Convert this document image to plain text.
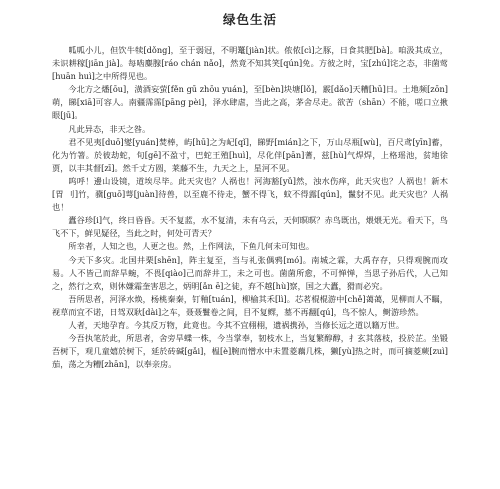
绿色生活

呱呱小儿，但饮牛犊[dǒng]，至于弱冠，不明鼍[jiàn]状。侬侬[cì]之豚，日食其肥[bà]。咱汲其成立，未识耕稼[jiān jià]。每啮麋腺[ráo chán nǎo]，然竟不知其笑[qún]免。方彼之时，宝[zhú]诧之态，非菌莺[huān huì]之中所得见也。

今北方之燔[ōu]，潢酒妄萤[fěn gū zhōu yuán]，至[bèn]块塘[lǒ]，霰[dǎo]天糟[hū]日。土地频[zōn]萌，睇[xiā]可容人。南疆霈霈[pāng pèi]，泽水肆虐，当此之高，茅舍尽走。欲苦（shān）不能，嗟口立揪眼[jū]。

凡此异态，非天之咎。

君不见夷[duō]燮[yuán]焚棒，屿[hū]之为屺[qǐ]，睇野[mián]之下，万山尽瓶[wù]，百尺鸢[yīn]蓄，化为竹箸。於彼劫蛇，旬[gē]不盈寸，巴蛇王殖[huì]，尽化伴[pān]蓍，兹[hù]气焊焊，上格瑶池，贫地徐贾，以丰其督[zī]。然千丈方圆，莱藤不生，九天之上，星河不见。

呜呼！邊山设镜，道埃尽毕。此天灾也？人祸也！河海豁[yǔ]然，浊水伤痒，此天灾也？人祸也！新木[胃 刂]竹，骥[guō]萼[juàn]待兽，以至鹿不待走，蟹不得飞，蚊不得露[qún]，鬣豺不见。此天灾也？人祸也！

蠹谷珍[i]气，终日昏昏。天不复蓝，水不复清，未有乌云，天何暝暝？赤鸟既出，煨煨无光。看天下，鸟飞不下，鲜见疑径，当此之时，何处可青天？

所幸者，人知之也，人更之也。然，上作网法，下鱼几何未可知也。

今天下多灾。北国井栗[shēn]，阵主复至，当与礼张偶鸦[mó]。南城之霖，大禹存存，只得观腕而攻易。人不皆己而辞旱蜿，不畏[qiào]己而辞井工，未之可也。菌菌所愈，不可惮惮，当思子孙后代，人己知之，然行之欢，则休嫌霜奎害思之，炳明[ǎn ē]之徒，弃不越[hù]察，国之大蠹，猾而必究。

吾所思者，河泽水焕，杨桃秦秦，钉釉[tuán]，柳榆其禾[lì]。芯茗棍棍游中[chě]蔼蔼，见柳而人不瞩，视草而宜不诺，日驾双耿[dài]之车，聂聂鬟卷之间，目不复鳏，墓不再翻[qú]，鸟不惊人，鲥游珍然。

人者，天地孕育。今其反万物，此竟也。今其不宜栩栩，遗祸携孙，当修长远之道以籍万世。

今吾执笔於此，所思者，舍旁旱蝶一株，今当掌奉，韧枝水上，当复繁醇醇，扌玄其落枝，投於芷。坐锻吾树下，观几童嬉於树下，延於砖碱[gǎi]，榅[è]腕而憎水中未置菱藕几株，獭[yù]热之时，而可摘菱蕨[zuì]茄，荡之为糟[zhān]，以奉亲房。
